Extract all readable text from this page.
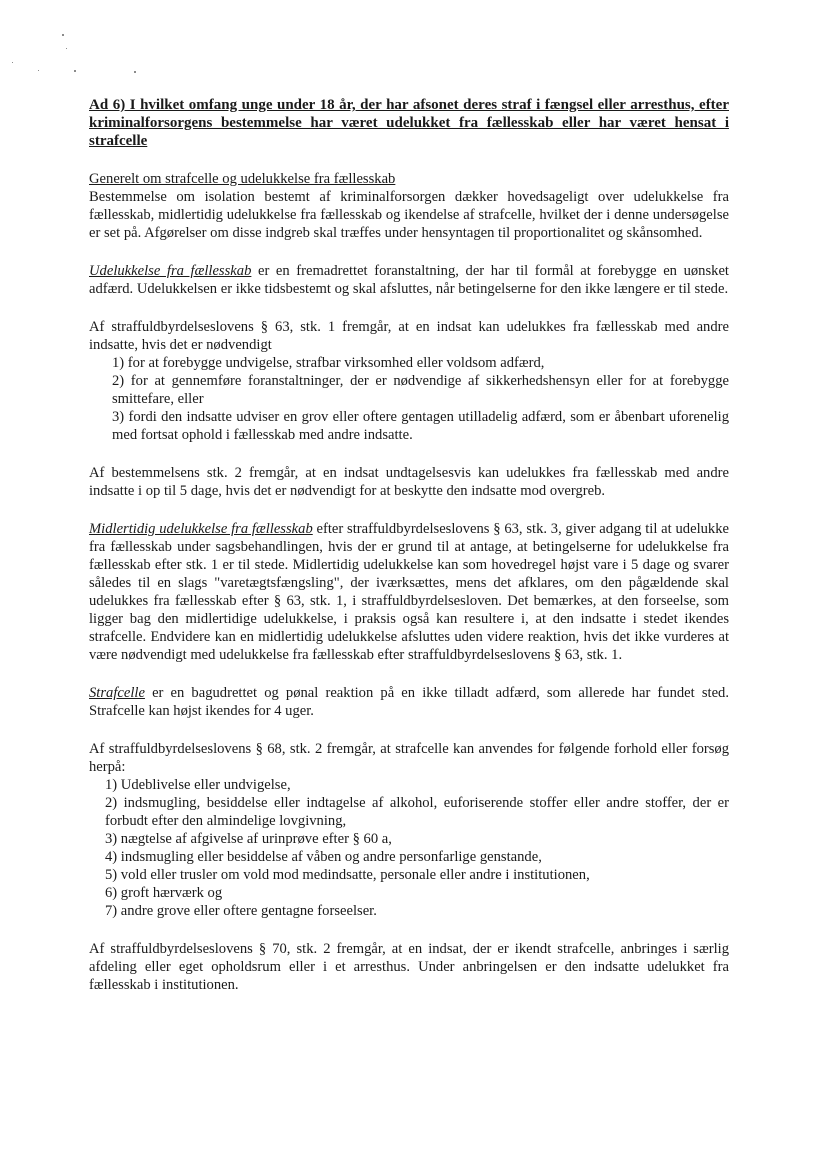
Ad 6) I hvilket omfang unge under 18 år, der har afsonet deres straf i fængsel eller arresthus, efter kriminalforsorgens bestemmelse har været udelukket fra fællesskab eller har været hensat i strafcelle

Generelt om strafcelle og udelukkelse fra fællesskab

Bestemmelse om isolation bestemt af kriminalforsorgen dækker hovedsageligt over udelukkelse fra fællesskab, midlertidig udelukkelse fra fællesskab og ikendelse af strafcelle, hvilket der i denne undersøgelse er set på. Afgørelser om disse indgreb skal træffes under hensyntagen til proportionalitet og skånsomhed.

Udelukkelse fra fællesskab er en fremadrettet foranstaltning, der har til formål at forebygge en uønsket adfærd. Udelukkelsen er ikke tidsbestemt og skal afsluttes, når betingelserne for den ikke længere er til stede.

Af straffuldbyrdelseslovens § 63, stk. 1 fremgår, at en indsat kan udelukkes fra fællesskab med andre indsatte, hvis det er nødvendigt

1) for at forebygge undvigelse, strafbar virksomhed eller voldsom adfærd,
2) for at gennemføre foranstaltninger, der er nødvendige af sikkerhedshensyn eller for at forebygge smittefare, eller
3) fordi den indsatte udviser en grov eller oftere gentagen utilladelig adfærd, som er åbenbart uforenelig med fortsat ophold i fællesskab med andre indsatte.

Af bestemmelsens stk. 2 fremgår, at en indsat undtagelsesvis kan udelukkes fra fællesskab med andre indsatte i op til 5 dage, hvis det er nødvendigt for at beskytte den indsatte mod overgreb.

Midlertidig udelukkelse fra fællesskab efter straffuldbyrdelseslovens § 63, stk. 3, giver adgang til at udelukke fra fællesskab under sagsbehandlingen, hvis der er grund til at antage, at betingelserne for udelukkelse fra fællesskab efter stk. 1 er til stede. Midlertidig udelukkelse kan som hovedregel højst vare i 5 dage og svarer således til en slags "varetægtsfængsling", der iværksættes, mens det afklares, om den pågældende skal udelukkes fra fællesskab efter § 63, stk. 1, i straffuldbyrdelsesloven. Det bemærkes, at den forseelse, som ligger bag den midlertidige udelukkelse, i praksis også kan resultere i, at den indsatte i stedet ikendes strafcelle. Endvidere kan en midlertidig udelukkelse afsluttes uden videre reaktion, hvis det ikke vurderes at være nødvendigt med udelukkelse fra fællesskab efter straffuldbyrdelseslovens § 63, stk. 1.

Strafcelle er en bagudrettet og pønal reaktion på en ikke tilladt adfærd, som allerede har fundet sted. Strafcelle kan højst ikendes for 4 uger.

Af straffuldbyrdelseslovens § 68, stk. 2 fremgår, at strafcelle kan anvendes for følgende forhold eller forsøg herpå:

1) Udeblivelse eller undvigelse,
2) indsmugling, besiddelse eller indtagelse af alkohol, euforiserende stoffer eller andre stoffer, der er forbudt efter den almindelige lovgivning,
3) nægtelse af afgivelse af urinprøve efter § 60 a,
4) indsmugling eller besiddelse af våben og andre personfarlige genstande,
5) vold eller trusler om vold mod medindsatte, personale eller andre i institutionen,
6) groft hærværk og
7) andre grove eller oftere gentagne forseelser.

Af straffuldbyrdelseslovens § 70, stk. 2 fremgår, at en indsat, der er ikendt strafcelle, anbringes i særlig afdeling eller eget opholdsrum eller i et arresthus. Under anbringelsen er den indsatte udelukket fra fællesskab i institutionen.
